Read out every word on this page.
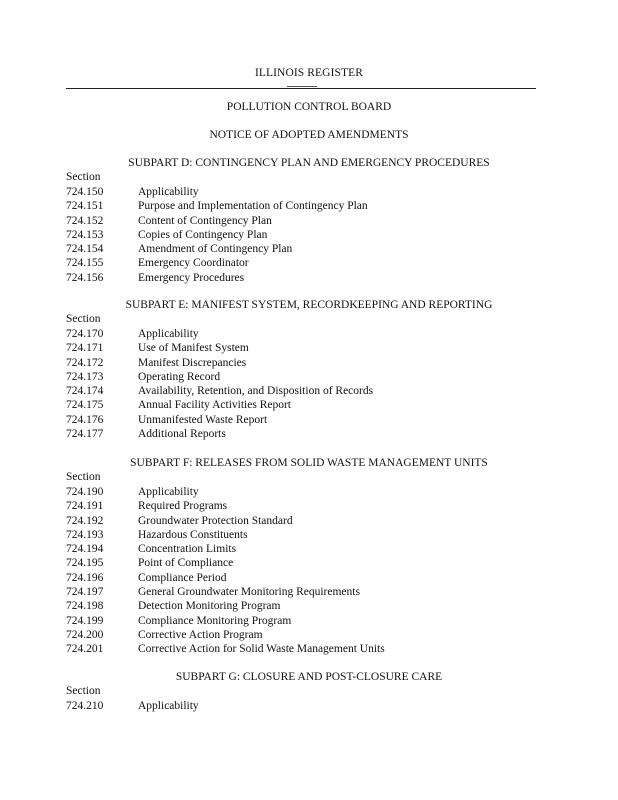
ILLINOIS REGISTER
POLLUTION CONTROL BOARD
NOTICE OF ADOPTED AMENDMENTS
SUBPART D: CONTINGENCY PLAN AND EMERGENCY PROCEDURES
Section
724.150	Applicability
724.151	Purpose and Implementation of Contingency Plan
724.152	Content of Contingency Plan
724.153	Copies of Contingency Plan
724.154	Amendment of Contingency Plan
724.155	Emergency Coordinator
724.156	Emergency Procedures
SUBPART E: MANIFEST SYSTEM, RECORDKEEPING AND REPORTING
Section
724.170	Applicability
724.171	Use of Manifest System
724.172	Manifest Discrepancies
724.173	Operating Record
724.174	Availability, Retention, and Disposition of Records
724.175	Annual Facility Activities Report
724.176	Unmanifested Waste Report
724.177	Additional Reports
SUBPART F: RELEASES FROM SOLID WASTE MANAGEMENT UNITS
Section
724.190	Applicability
724.191	Required Programs
724.192	Groundwater Protection Standard
724.193	Hazardous Constituents
724.194	Concentration Limits
724.195	Point of Compliance
724.196	Compliance Period
724.197	General Groundwater Monitoring Requirements
724.198	Detection Monitoring Program
724.199	Compliance Monitoring Program
724.200	Corrective Action Program
724.201	Corrective Action for Solid Waste Management Units
SUBPART G: CLOSURE AND POST-CLOSURE CARE
Section
724.210	Applicability
